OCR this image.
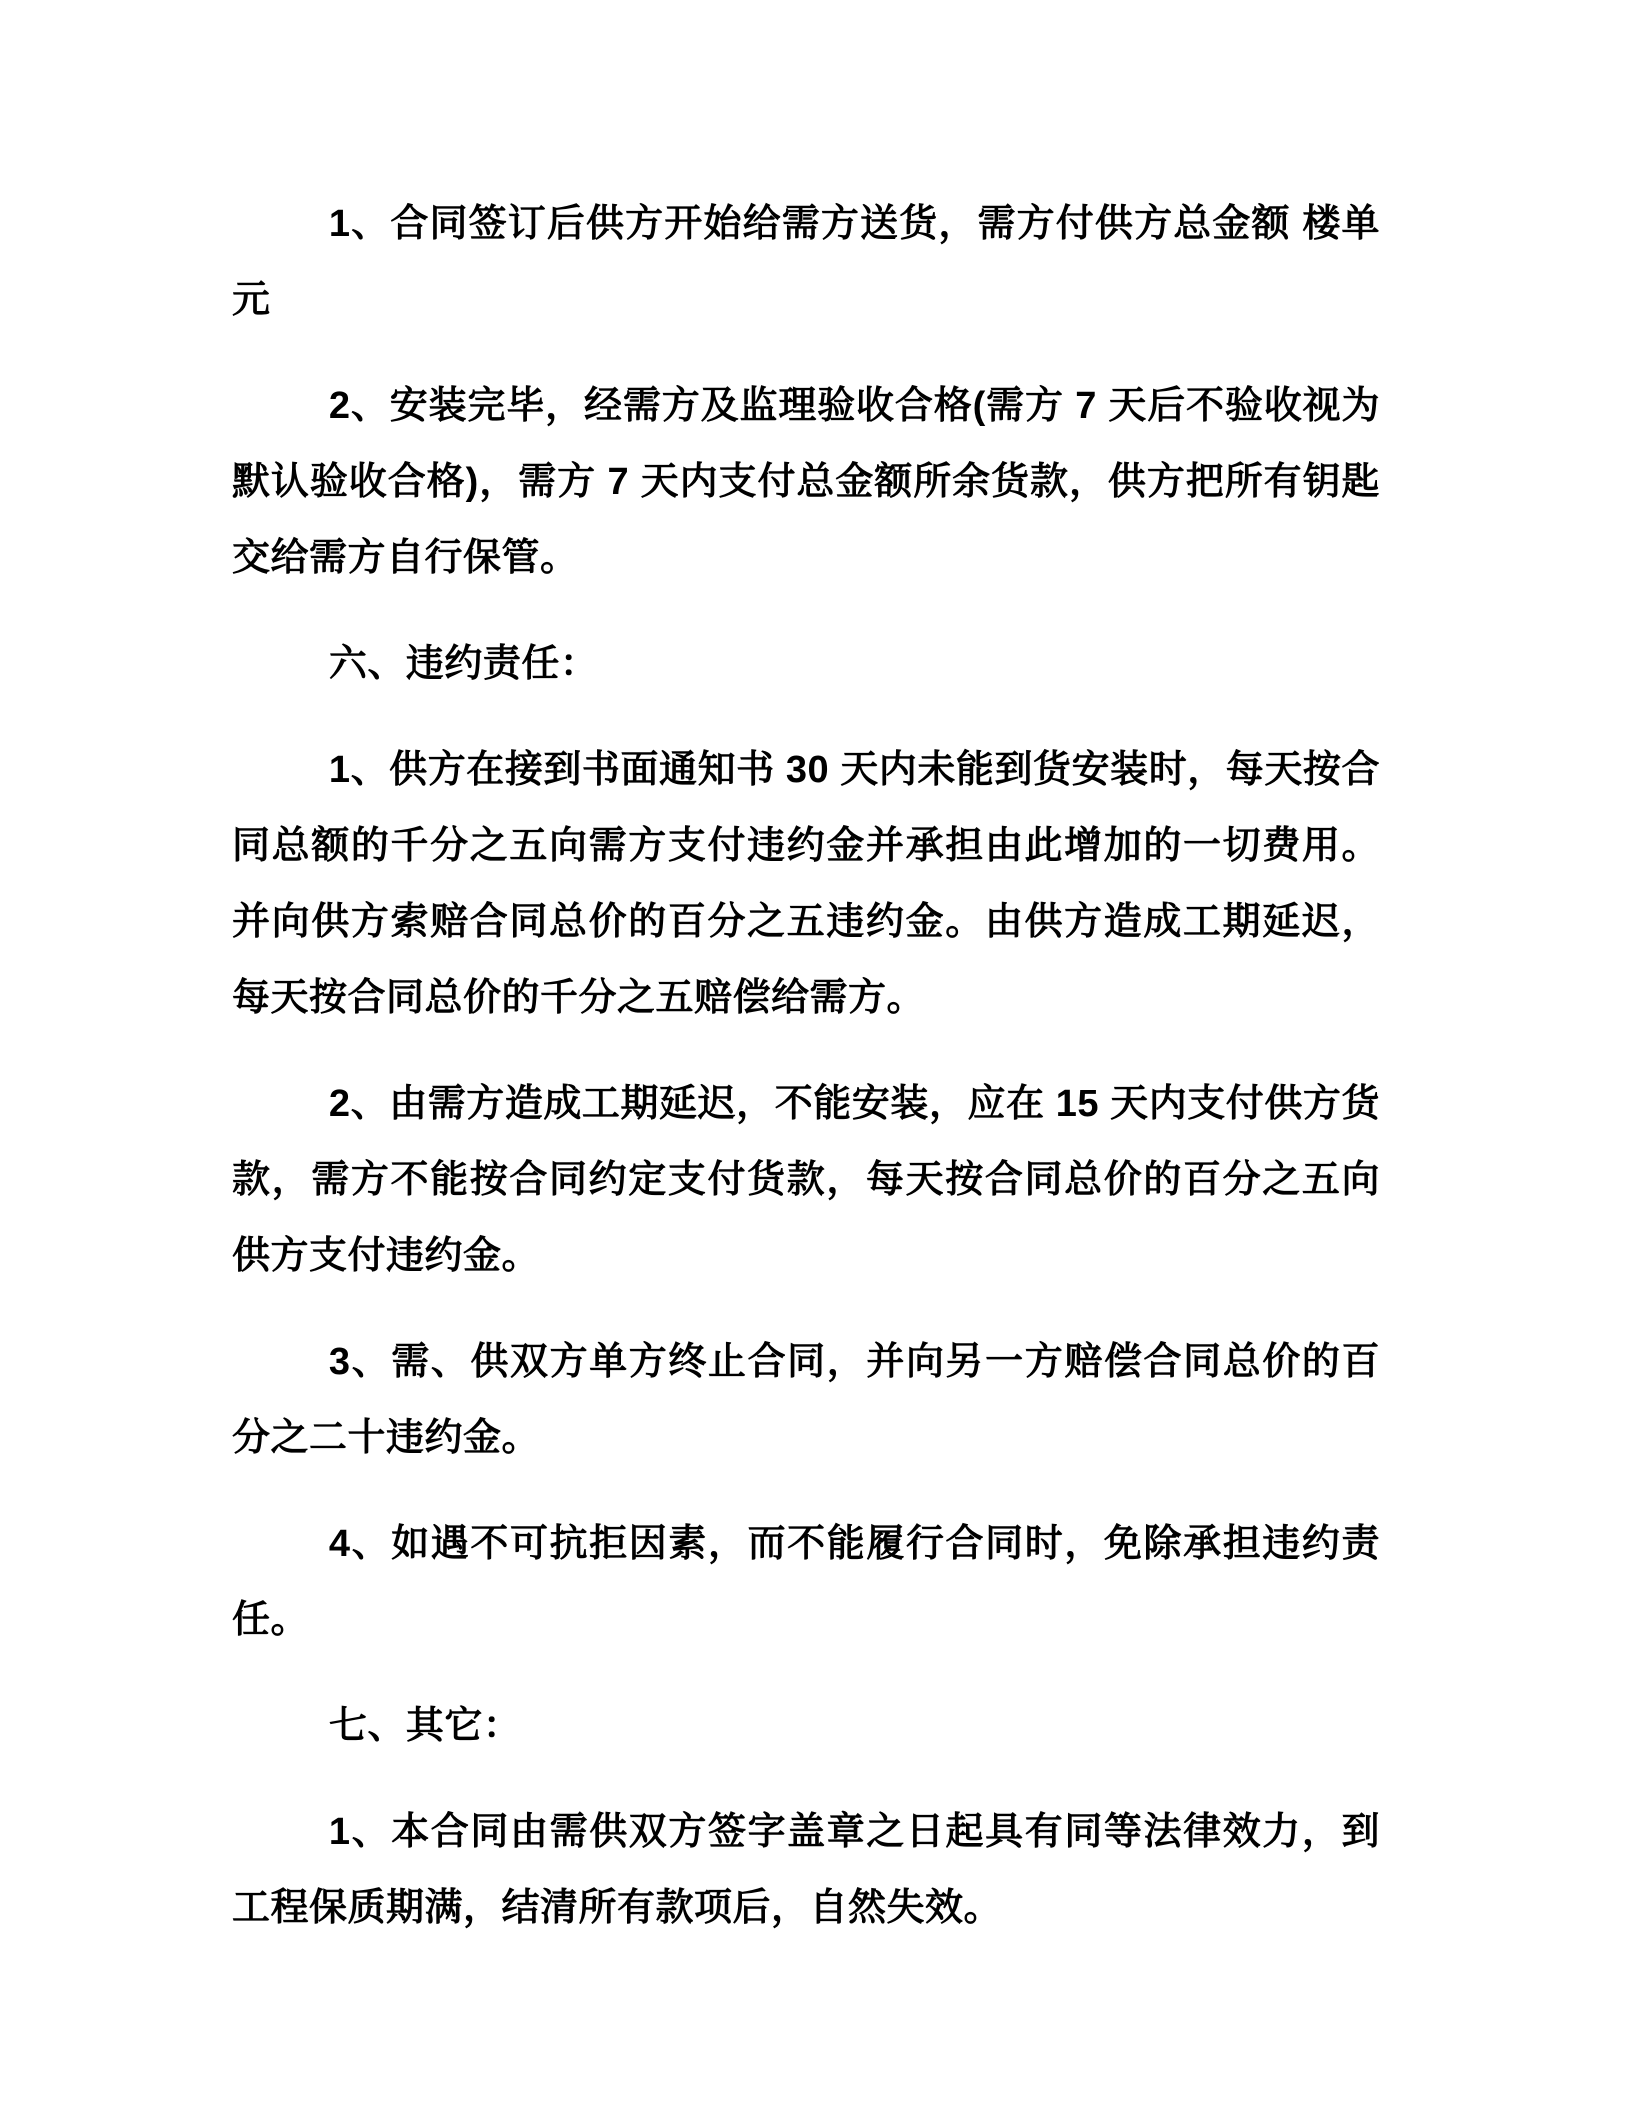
1、合同签订后供方开始给需方送货，需方付供方总金额 楼单元

2、安装完毕，经需方及监理验收合格(需方 7 天后不验收视为默认验收合格)，需方 7 天内支付总金额所余货款，供方把所有钥匙交给需方自行保管。

六、违约责任：

1、供方在接到书面通知书 30 天内未能到货安装时，每天按合同总额的千分之五向需方支付违约金并承担由此增加的一切费用。并向供方索赔合同总价的百分之五违约金。由供方造成工期延迟，每天按合同总价的千分之五赔偿给需方。

2、由需方造成工期延迟，不能安装，应在 15 天内支付供方货款，需方不能按合同约定支付货款，每天按合同总价的百分之五向供方支付违约金。

3、需、供双方单方终止合同，并向另一方赔偿合同总价的百分之二十违约金。

4、如遇不可抗拒因素，而不能履行合同时，免除承担违约责任。

七、其它：

1、本合同由需供双方签字盖章之日起具有同等法律效力，到工程保质期满，结清所有款项后，自然失效。
